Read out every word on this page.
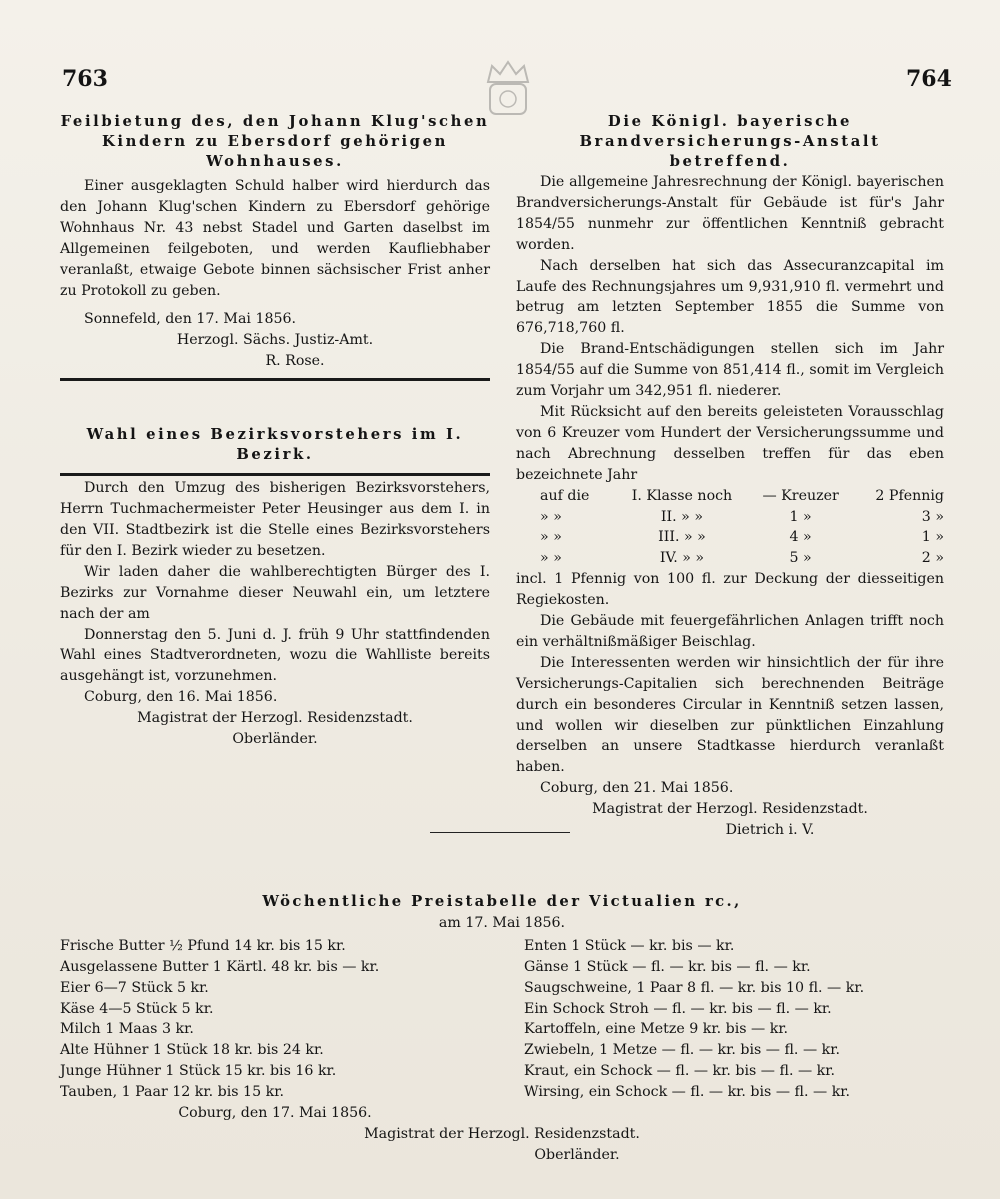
763	764
Feilbietung des, den Johann Klug'schen Kindern zu Ebersdorf gehörigen Wohnhauses.

Einer ausgeklagten Schuld halber wird hierdurch das den Johann Klug'schen Kindern zu Ebersdorf gehörige Wohnhaus Nr. 43 nebst Stadel und Garten daselbst im Allgemeinen feilgeboten, und werden Kaufliebhaber veranlaßt, etwaige Gebote binnen sächsischer Frist anher zu Protokoll zu geben.

Sonnefeld, den 17. Mai 1856.

Herzogl. Sächs. Justiz-Amt.
R. Rose.
Wahl eines Bezirksvorstehers im I. Bezirk.

Durch den Umzug des bisherigen Bezirksvorstehers, Herrn Tuchmachermeister Peter Heusinger aus dem I. in den VII. Stadtbezirk ist die Stelle eines Bezirksvorstehers für den I. Bezirk wieder zu besetzen.

Wir laden daher die wahlberechtigten Bürger des I. Bezirks zur Vornahme dieser Neuwahl ein, um letztere nach der am

Donnerstag den 5. Juni d. J. früh 9 Uhr stattfindenden Wahl eines Stadtverordneten, wozu die Wahlliste bereits ausgehängt ist, vorzunehmen.

Coburg, den 16. Mai 1856.

Magistrat der Herzogl. Residenzstadt.
Oberländer.
Die Königl. bayerische Brandversicherungs-Anstalt betreffend.

Die allgemeine Jahresrechnung der Königl. bayerischen Brandversicherungs-Anstalt für Gebäude ist für's Jahr 1854/55 nunmehr zur öffentlichen Kenntniß gebracht worden.

Nach derselben hat sich das Assecuranzcapital im Laufe des Rechnungsjahres um 9,931,910 fl. vermehrt und betrug am letzten September 1855 die Summe von 676,718,760 fl.

Die Brand-Entschädigungen stellen sich im Jahr 1854/55 auf die Summe von 851,414 fl., somit im Vergleich zum Vorjahr um 342,951 fl. niederer.

Mit Rücksicht auf den bereits geleisteten Vorausschlag von 6 Kreuzer vom Hundert der Versicherungssumme und nach Abrechnung desselben treffen für das eben bezeichnete Jahr

auf die	I. Klasse noch	— Kreuzer	2 Pfennig
» »	II. » »	1 »	3 »
» »	III. » »	4 »	1 »
» »	IV. » »	5 »	2 »

incl. 1 Pfennig von 100 fl. zur Deckung der diesseitigen Regiekosten.

Die Gebäude mit feuergefährlichen Anlagen trifft noch ein verhältnißmäßiger Beischlag.

Die Interessenten werden wir hinsichtlich der für ihre Versicherungs-Capitalien sich berechnenden Beiträge durch ein besonderes Circular in Kenntniß setzen lassen, und wollen wir dieselben zur pünktlichen Einzahlung derselben an unsere Stadtkasse hierdurch veranlaßt haben.

Coburg, den 21. Mai 1856.

Magistrat der Herzogl. Residenzstadt.
Dietrich i. V.
Wöchentliche Preistabelle der Victualien rc.,
am 17. Mai 1856.
Frische Butter ½ Pfund 14 kr. bis 15 kr.
Ausgelassene Butter 1 Kärtl. 48 kr. bis — kr.
Eier 6—7 Stück 5 kr.
Käse 4—5 Stück 5 kr.
Milch 1 Maas 3 kr.
Alte Hühner 1 Stück 18 kr. bis 24 kr.
Junge Hühner 1 Stück 15 kr. bis 16 kr.
Tauben, 1 Paar 12 kr. bis 15 kr.
Coburg, den 17. Mai 1856.
Enten 1 Stück — kr. bis — kr.
Gänse 1 Stück — fl. — kr. bis — fl. — kr.
Saugschweine, 1 Paar 8 fl. — kr. bis 10 fl. — kr.
Ein Schock Stroh — fl. — kr. bis — fl. — kr.
Kartoffeln, eine Metze 9 kr. bis — kr.
Zwiebeln, 1 Metze — fl. — kr. bis — fl. — kr.
Kraut, ein Schock — fl. — kr. bis — fl. — kr.
Wirsing, ein Schock — fl. — kr. bis — fl. — kr.
Magistrat der Herzogl. Residenzstadt.
Oberländer.
